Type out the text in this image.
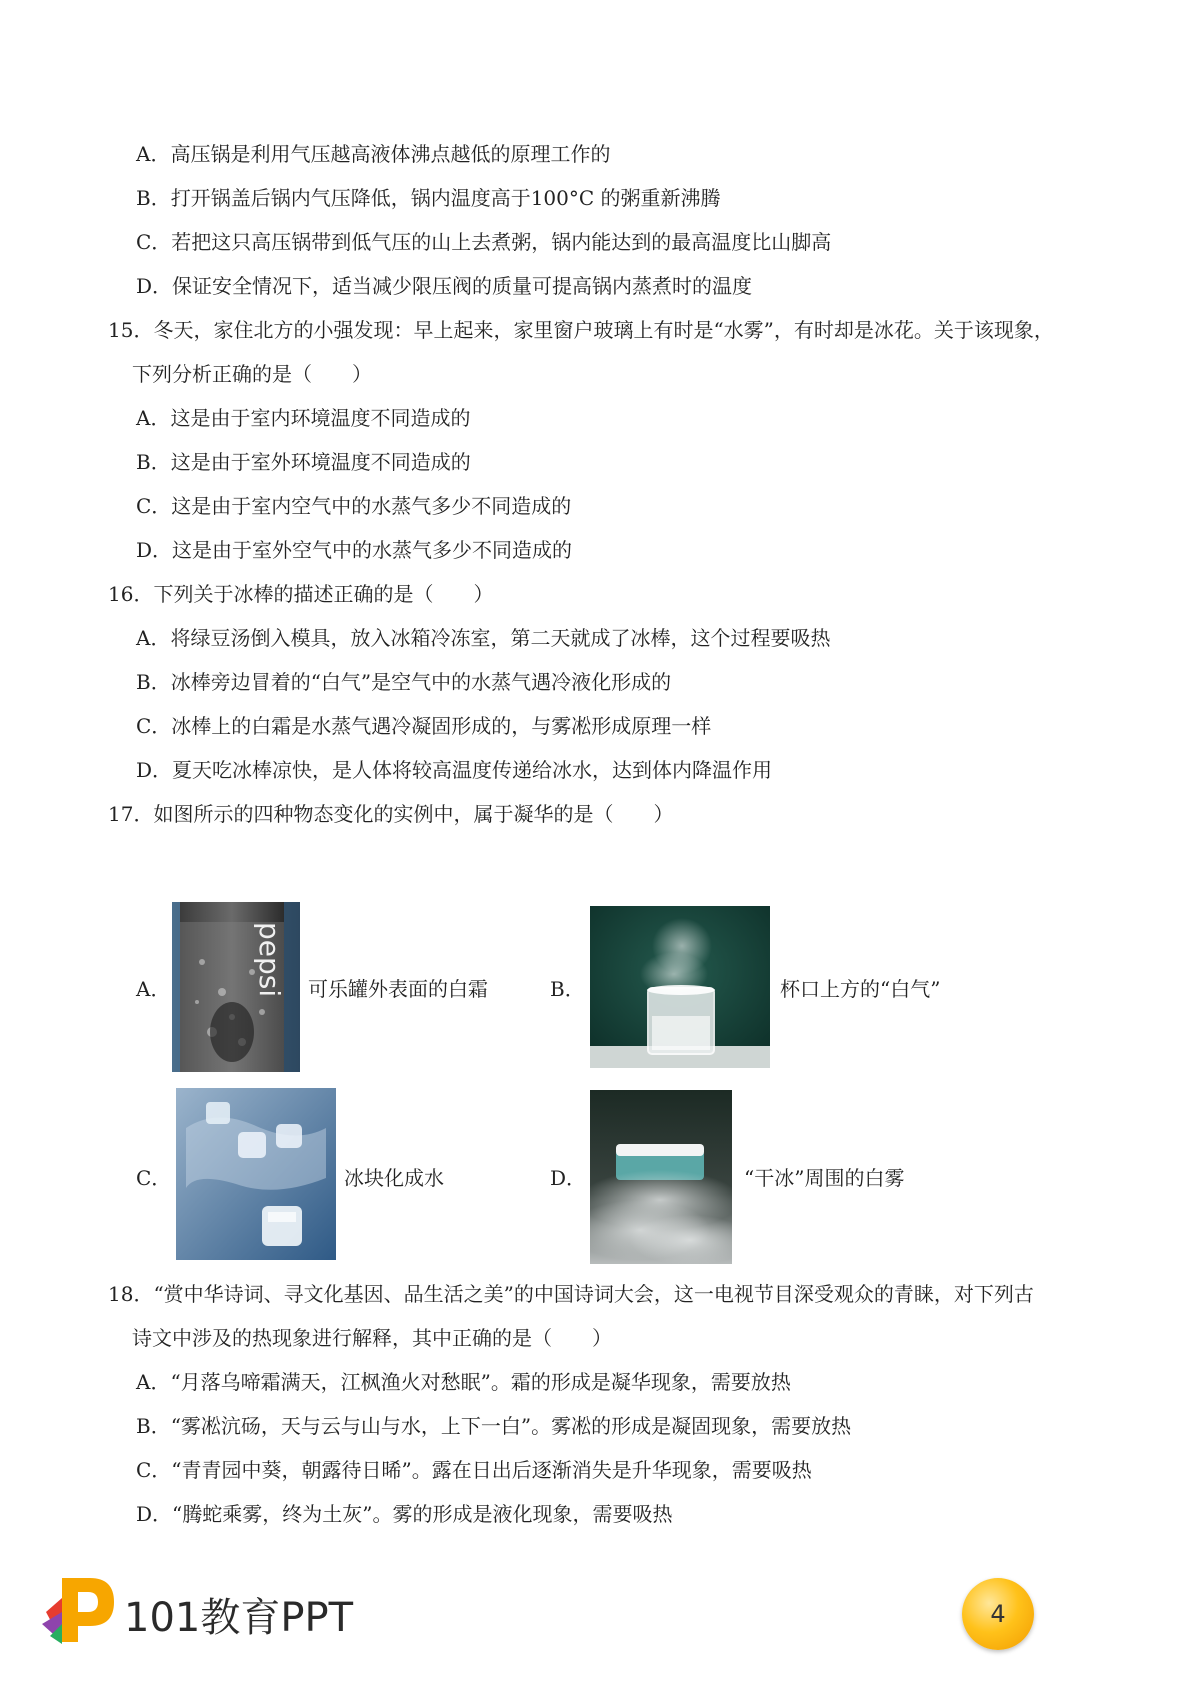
A．高压锅是利用气压越高液体沸点越低的原理工作的
B．打开锅盖后锅内气压降低，锅内温度高于100°C 的粥重新沸腾
C．若把这只高压锅带到低气压的山上去煮粥，锅内能达到的最高温度比山脚高
D．保证安全情况下，适当减少限压阀的质量可提高锅内蒸煮时的温度
15．冬天，家住北方的小强发现：早上起来，家里窗户玻璃上有时是“水雾”，有时却是冰花。关于该现象，
下列分析正确的是（　　）
A．这是由于室内环境温度不同造成的
B．这是由于室外环境温度不同造成的
C．这是由于室内空气中的水蒸气多少不同造成的
D．这是由于室外空气中的水蒸气多少不同造成的
16．下列关于冰棒的描述正确的是（　　）
A．将绿豆汤倒入模具，放入冰箱冷冻室，第二天就成了冰棒，这个过程要吸热
B．冰棒旁边冒着的“白气”是空气中的水蒸气遇冷液化形成的
C．冰棒上的白霜是水蒸气遇冷凝固形成的，与雾凇形成原理一样
D．夏天吃冰棒凉快，是人体将较高温度传递给冰水，达到体内降温作用
17．如图所示的四种物态变化的实例中，属于凝华的是（　　）
A．	pepsi 可乐罐外表面的白霜	B．	杯口上方的“白气”
C．	冰块化成水	D．	“干冰”周围的白雾
18．“赏中华诗词、寻文化基因、品生活之美”的中国诗词大会，这一电视节目深受观众的青睐，对下列古
诗文中涉及的热现象进行解释，其中正确的是（　　）
A．“月落乌啼霜满天，江枫渔火对愁眠”。霜的形成是凝华现象，需要放热
B．“雾凇沆砀，天与云与山与水，上下一白”。雾凇的形成是凝固现象，需要放热
C．“青青园中葵，朝露待日晞”。露在日出后逐渐消失是升华现象，需要吸热
D．“腾蛇乘雾，终为土灰”。雾的形成是液化现象，需要吸热
101教育PPT	4
